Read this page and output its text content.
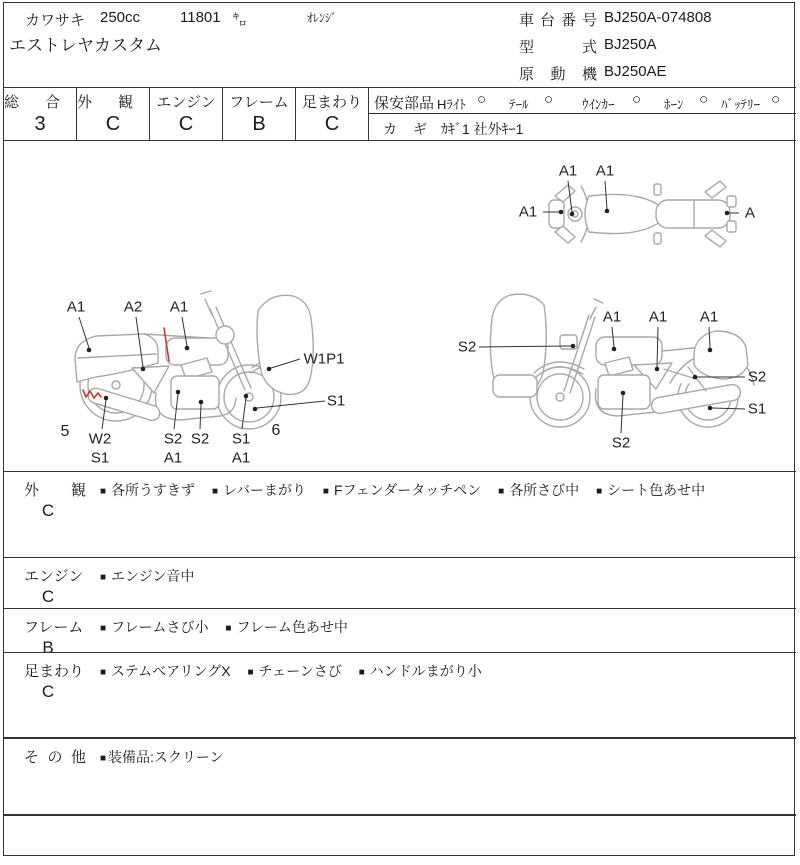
カワサキ 250cc	11801 ㌔	ｵﾚﾝｼﾞ
エストレヤカスタム
車台番号 BJ250A-074808
型式 BJ250A
原動機 BJ250AE
総合
3
外観
C
エンジン
C
フレーム
B
足まわり
C
保安部品 Hﾗｲﾄ ○ ﾃｰﾙ ○ ｳｲﾝｶｰ ○ ﾎｰﾝ ○ ﾊﾞｯﾃﾘｰ ○
カギ ｶｷﾞ1 社外ｷｰ1
A1 A1
A1	A
A1	A2 A1
W1P1
S1
W2
S1
S2 S2
A1
S1
A1
5	6
S2
A1 A1 A1
S2
S1
S2
外観
C
■ 各所うすきず ■ レバーまがり ■ Fフェンダータッチペン ■ 各所さび中 ■ シート色あせ中
エンジン
C
■ エンジン音中
フレーム
B
■ フレームさび小 ■ フレーム色あせ中
足まわり
C
■ ステムベアリングX ■ チェーンさび ■ ハンドルまがり小
その他 ■ 装備品:スクリーン
